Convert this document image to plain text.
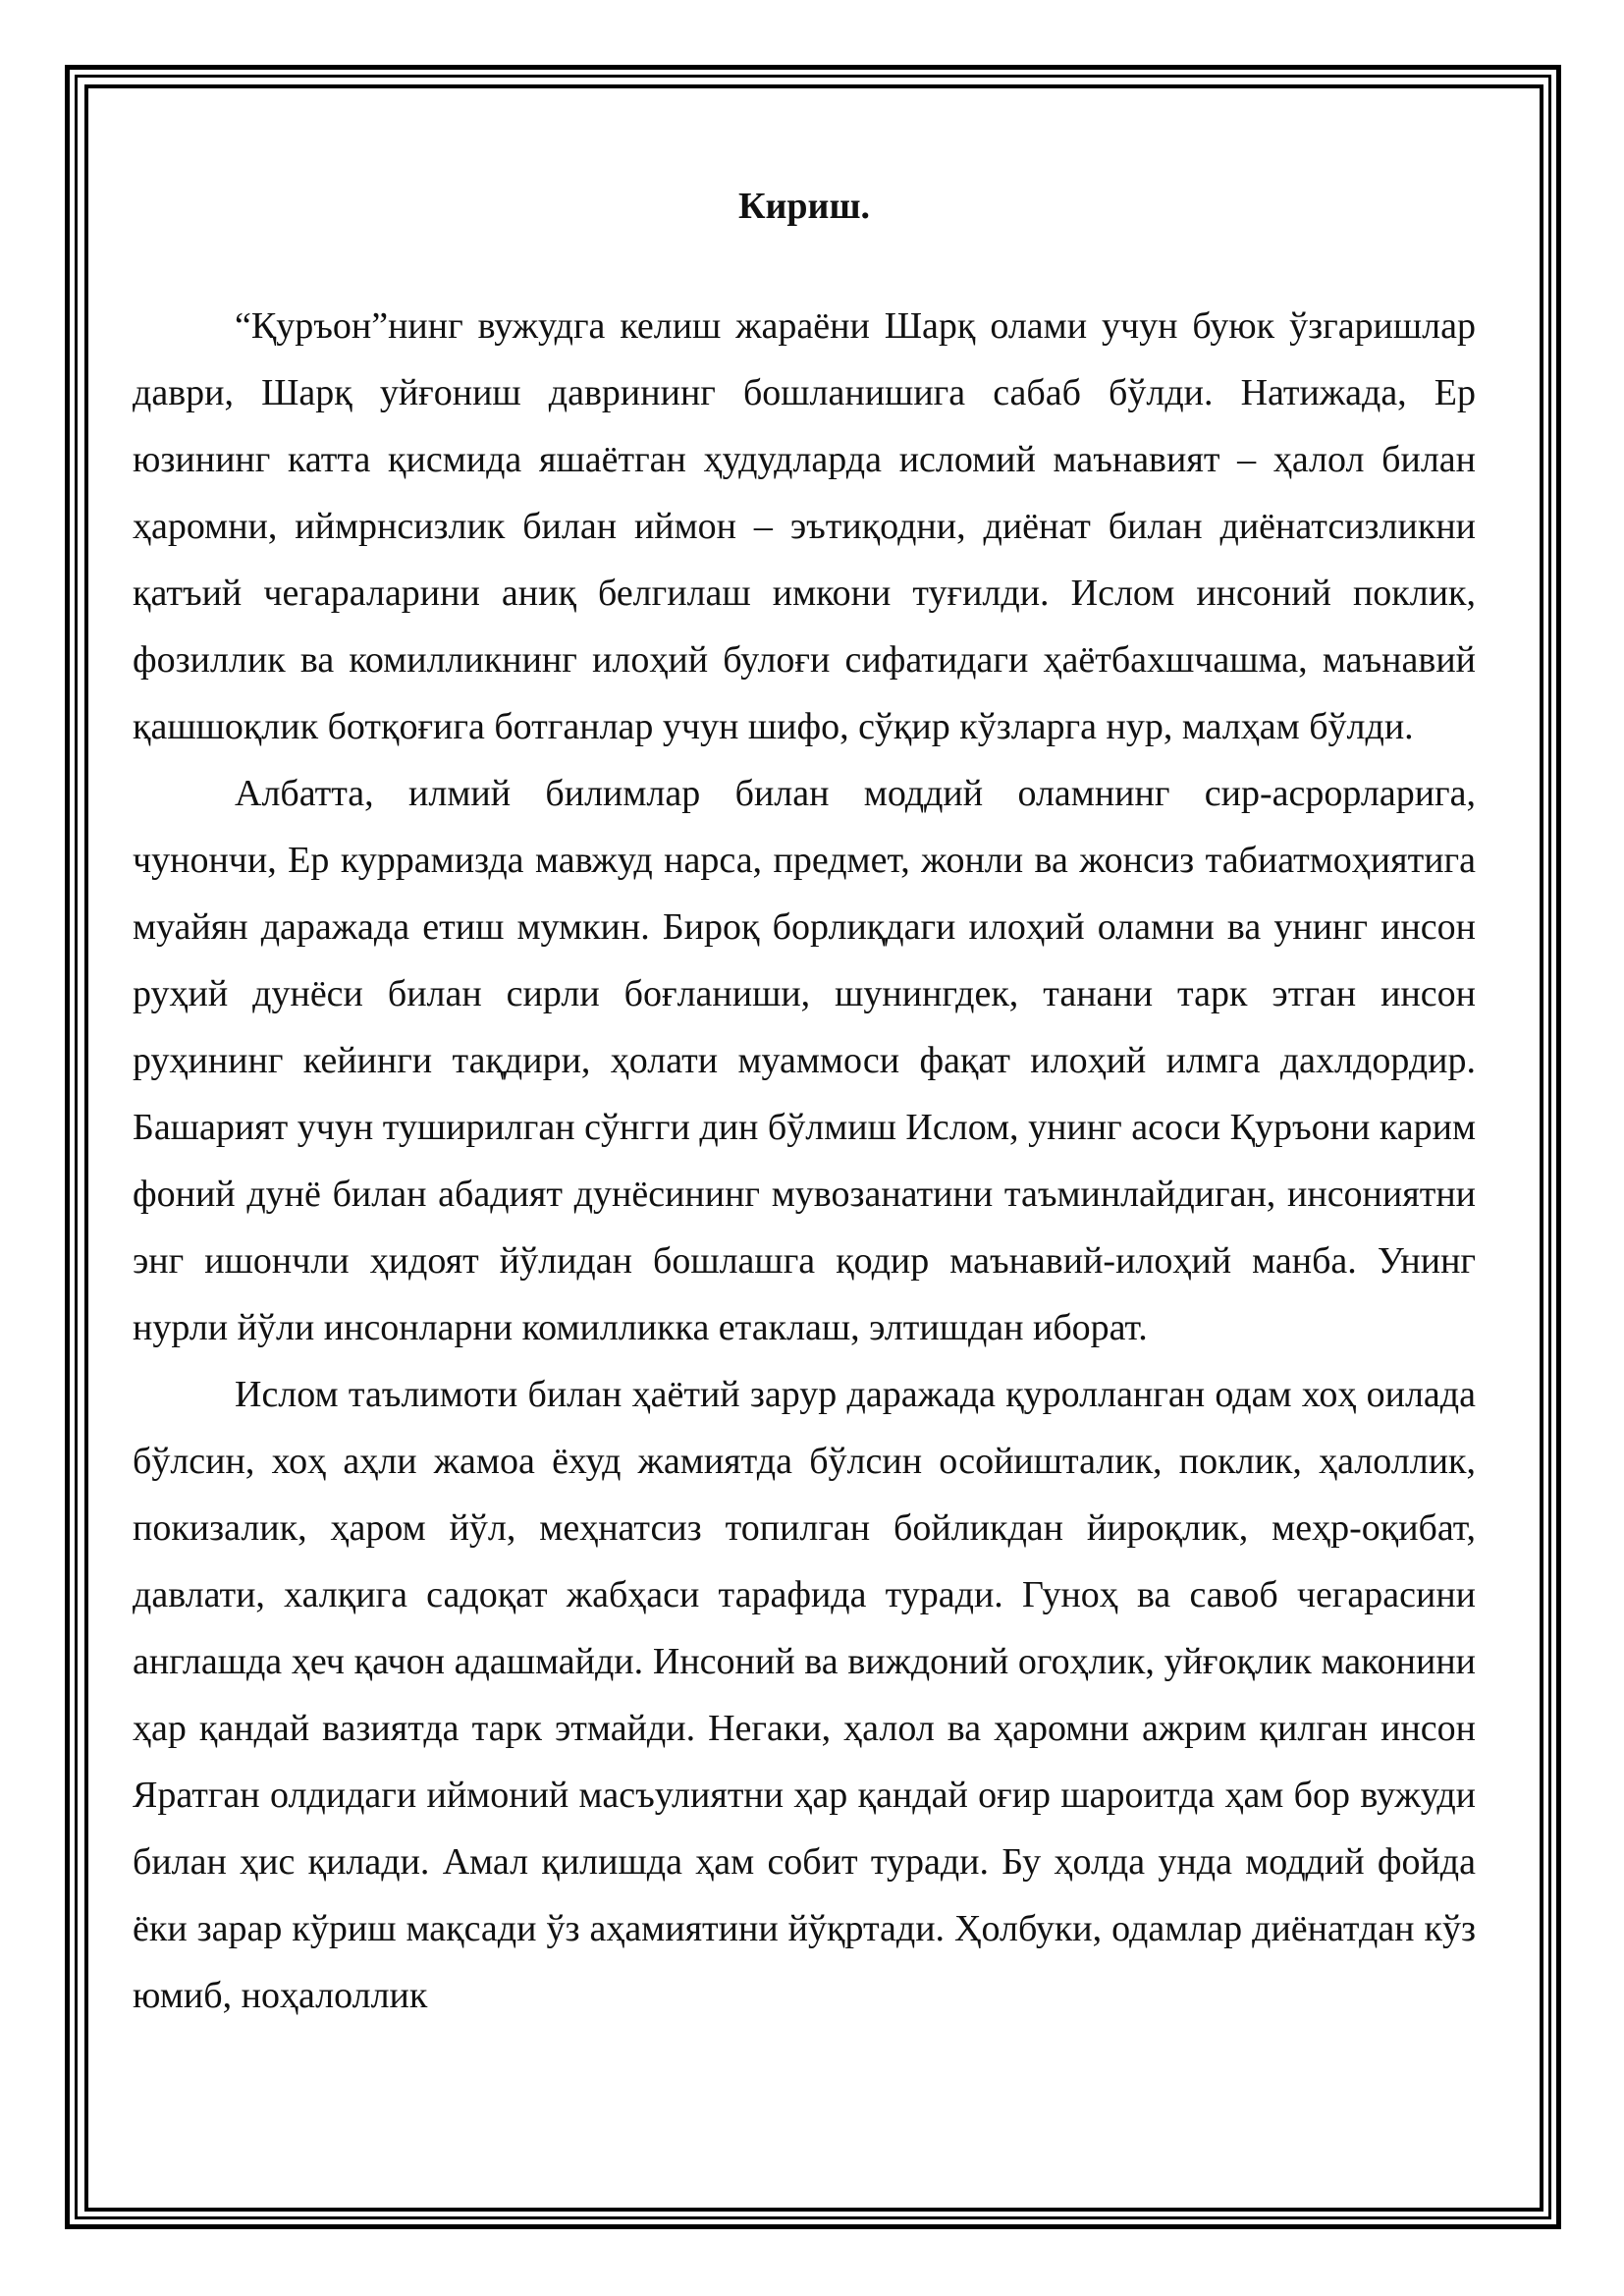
Кириш.

“Қуръон”нинг вужудга келиш жараёни Шарқ олами учун буюк ўзгаришлар даври, Шарқ уйғониш даврининг бошланишига сабаб бўлди. Натижада, Ер юзининг катта қисмида яшаётган ҳудудларда исломий маънавият – ҳалол билан ҳаромни, иймрнсизлик билан иймон – эътиқодни, диёнат билан диёнатсизликни қатъий чегараларини аниқ белгилаш имкони туғилди. Ислом инсоний поклик, фозиллик ва комилликнинг илоҳий булоғи сифатидаги ҳаётбахшчашма, маънавий қашшоқлик ботқоғига ботганлар учун шифо, сўқир кўзларга нур, малҳам бўлди.

Албатта, илмий билимлар билан моддий оламнинг сир-асрорларига, чунончи, Ер куррамизда мавжуд нарса, предмет, жонли ва жонсиз табиатмоҳиятига муайян даражада етиш мумкин. Бироқ борлиқдаги илоҳий оламни ва унинг инсон руҳий дунёси билан сирли боғланиши, шунингдек, танани тарк этган инсон руҳининг кейинги тақдири, ҳолати муаммоси фақат илоҳий илмга дахлдордир. Башарият учун туширилган сўнгги дин бўлмиш Ислом, унинг асоси Қуръони карим фоний дунё билан абадият дунёсининг мувозанатини таъминлайдиган, инсониятни энг ишончли ҳидоят йўлидан бошлашга қодир маънавий-илоҳий манба. Унинг нурли йўли инсонларни комилликка етаклаш, элтишдан иборат.

Ислом таълимоти билан ҳаётий зарур даражада қуролланган одам хоҳ оилада бўлсин, хоҳ аҳли жамоа ёхуд жамиятда бўлсин осойишталик, поклик, ҳалоллик, покизалик, ҳаром йўл, меҳнатсиз топилган бойликдан йироқлик, меҳр-оқибат, давлати, халқига садоқат жабҳаси тарафида туради. Гуноҳ ва савоб чегарасини англашда ҳеч қачон адашмайди. Инсоний ва виждоний огоҳлик, уйғоқлик маконини ҳар қандай вазиятда тарк этмайди. Негаки, ҳалол ва ҳаромни ажрим қилган инсон Яратган олдидаги иймоний масъулиятни ҳар қандай оғир шароитда ҳам бор вужуди билан ҳис қилади. Амал қилишда ҳам собит туради. Бу ҳолда унда моддий фойда ёки зарар кўриш мақсади ўз аҳамиятини йўқртади. Ҳолбуки, одамлар диёнатдан кўз юмиб, ноҳалоллик
